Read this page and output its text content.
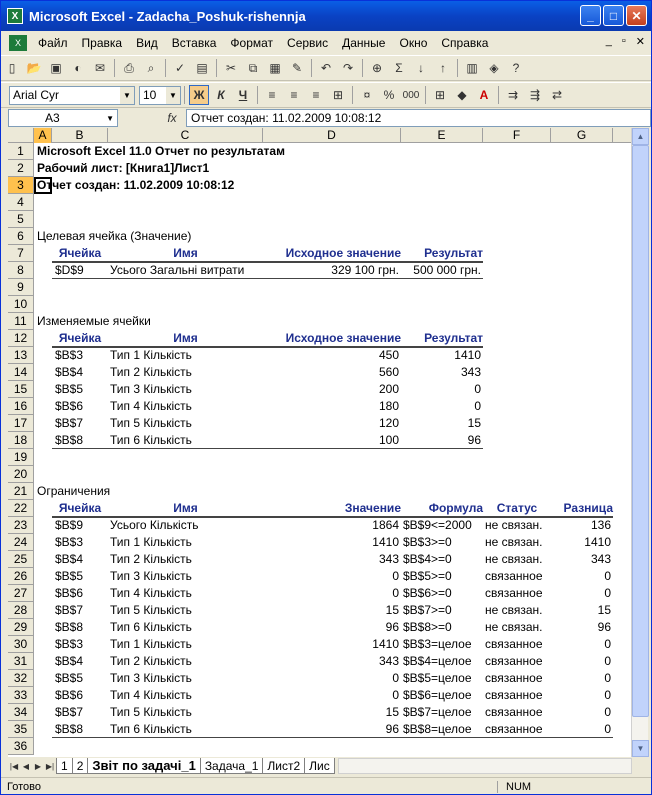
X Microsoft Excel - Zadacha_Poshuk-rishennja	_	□	✕
X	Файл	Правка	Вид	Вставка	Формат	Сервис	Данные	Окно	Справка	_ ▫ ✕
▯ 📂 ▣	◐	✉	⎙	⌕	✓ ▤	✂	⧉	▦ ✎	↶ ↷	⊕	Σ	↓	↑	▥ ◈	?
Arial Cyr	▼ 10	▼	Ж	К	Ч	≡	≡	≡	⊞	¤	% 000	⊞	◆	A	⇉ ⇶ ⇄
A3	▼	fx	Отчет создан: 11.02.2009 10:08:12
A	B	C	D	E	F	G
1
2
3
4
5
6
7
8
9
10
11
12
13
14
15
16
17
18
19
20
21
22
23
24
25
26
27
28
29
30
31
32
33
34
35
36
Microsoft Excel 11.0 Отчет по результатам
Рабочий лист: [Книга1]Лист1
Отчет создан: 11.02.2009 10:08:12
Целевая ячейка (Значение)
Ячейка	Имя	Исходное значение	Результат
$D$9	Усього Загальні витрати	329 100 грн.	500 000 грн.
Изменяемые ячейки
Ячейка	Имя	Исходное значение	Результат
$B$3	Тип 1 Кількість	450	1410
$B$4	Тип 2 Кількість	560	343
$B$5	Тип 3 Кількість	200	0
$B$6	Тип 4 Кількість	180	0
$B$7	Тип 5 Кількість	120	15
$B$8	Тип 6 Кількість	100	96
Ограничения
Ячейка	Имя	Значение	Формула	Статус	Разница
$B$9	Усього Кількість	1864 $B$9<=2000	не связан.	136
$B$3	Тип 1 Кількість	1410 $B$3>=0	не связан.	1410
$B$4	Тип 2 Кількість	343 $B$4>=0	не связан.	343
$B$5	Тип 3 Кількість	0 $B$5>=0	связанное	0
$B$6	Тип 4 Кількість	0 $B$6>=0	связанное	0
$B$7	Тип 5 Кількість	15 $B$7>=0	не связан.	15
$B$8	Тип 6 Кількість	96 $B$8>=0	не связан.	96
$B$3	Тип 1 Кількість	1410 $B$3=целое	связанное	0
$B$4	Тип 2 Кількість	343 $B$4=целое	связанное	0
$B$5	Тип 3 Кількість	0 $B$5=целое	связанное	0
$B$6	Тип 4 Кількість	0 $B$6=целое	связанное	0
$B$7	Тип 5 Кількість	15 $B$7=целое	связанное	0
$B$8	Тип 6 Кількість	96 $B$8=целое	связанное	0
▲
▼
|◀ ◀ ▶ ▶| 1 2 Звіт по задачі_1 Задача_1 Лист2 Лис
Готово	NUM
